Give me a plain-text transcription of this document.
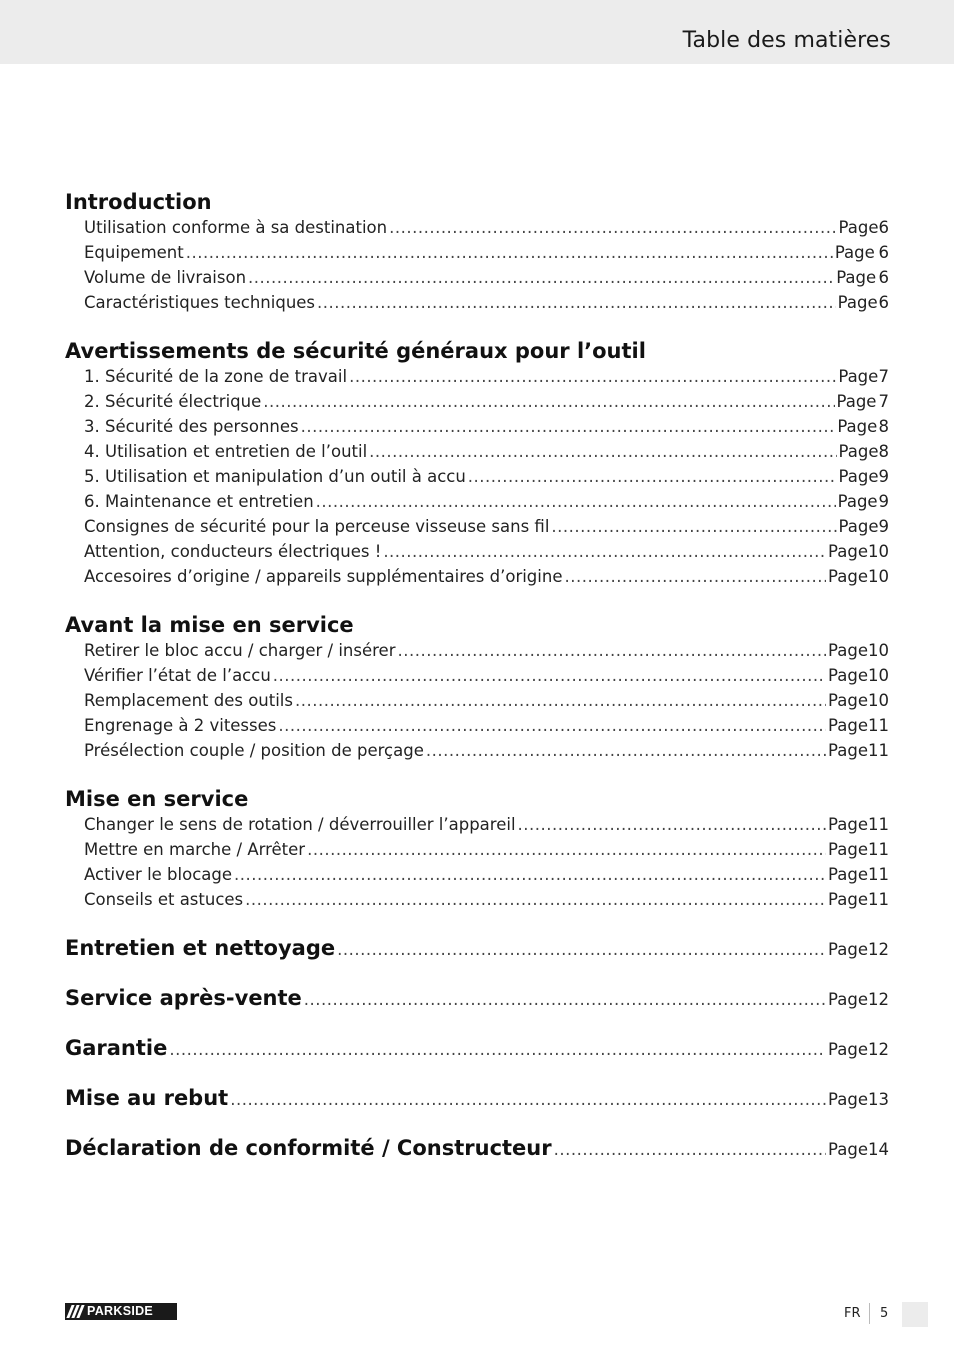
Table des matières
Introduction
Utilisation conforme à sa destination .....	Page 6
Equipement .....	Page 6
Volume de livraison .....	Page 6
Caractéristiques techniques .....	Page 6
Avertissements de sécurité généraux pour l’outil
1. Sécurité de la zone de travail .....	Page 7
2. Sécurité électrique .....	Page 7
3. Sécurité des personnes .....	Page 8
4. Utilisation et entretien de l’outil .....	Page 8
5. Utilisation et manipulation d’un outil à accu .....	Page 9
6. Maintenance et entretien .....	Page 9
Consignes de sécurité pour la perceuse visseuse sans fil .....	Page 9
Attention, conducteurs électriques ! .....	Page 10
Accesoires d’origine / appareils supplémentaires d’origine .....	Page 10
Avant la mise en service
Retirer le bloc accu / charger / insérer .....	Page 10
Vérifier l’état de l’accu .....	Page 10
Remplacement des outils .....	Page 10
Engrenage à 2 vitesses .....	Page 11
Présélection couple / position de perçage .....	Page 11
Mise en service
Changer le sens de rotation / déverrouiller l’appareil .....	Page 11
Mettre en marche / Arrêter .....	Page 11
Activer le blocage .....	Page 11
Conseils et astuces .....	Page 11
Entretien et nettoyage .....	Page 12
Service après-vente .....	Page 12
Garantie .....	Page 12
Mise au rebut .....	Page 13
Déclaration de conformité / Constructeur .....	Page 14
PARKSIDE	FR 5
